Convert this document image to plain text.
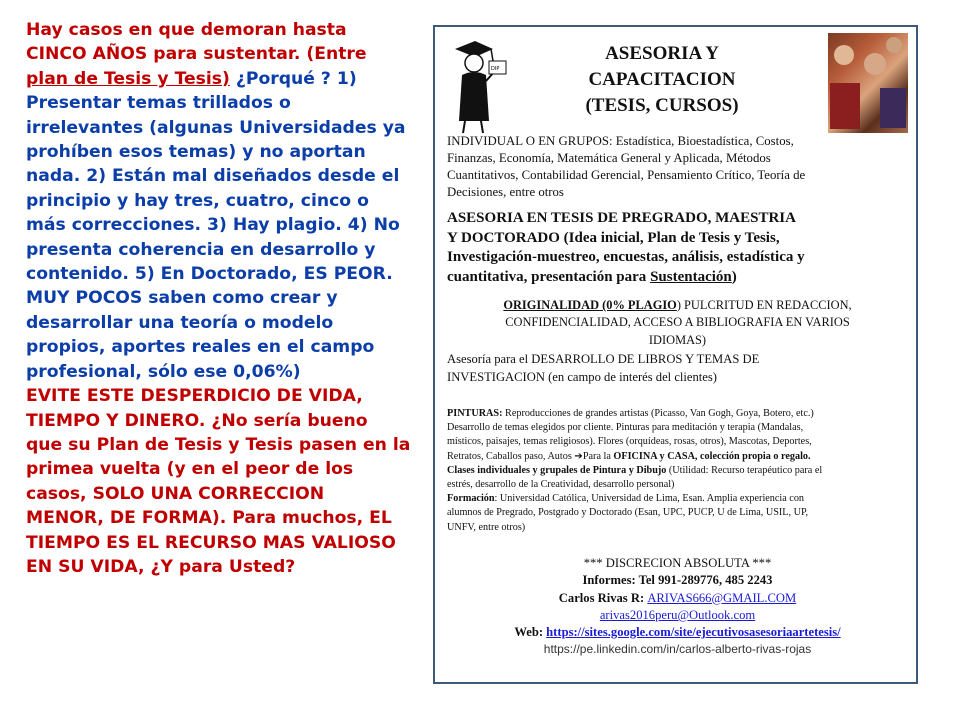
Hay casos en que demoran hasta

CINCO AÑOS para sustentar. (Entre

plan de Tesis y Tesis) ¿Porqué ? 1)

Presentar temas trillados o

irrelevantes (algunas Universidades ya

prohíben esos temas) y no aportan

nada. 2) Están mal diseñados desde el

principio y hay tres, cuatro, cinco o

más correcciones. 3) Hay plagio. 4) No

presenta coherencia en desarrollo y

contenido. 5) En Doctorado, ES PEOR.

MUY POCOS saben como crear y

desarrollar una teoría o modelo

propios, aportes reales en el campo

profesional, sólo ese 0,06%)

EVITE ESTE DESPERDICIO DE VIDA,

TIEMPO Y DINERO. ¿No sería bueno

que su Plan de Tesis y Tesis pasen en la

primea vuelta (y en el peor de los

casos, SOLO UNA CORRECCION

MENOR, DE FORMA). Para muchos, EL

TIEMPO ES EL RECURSO MAS VALIOSO

EN SU VIDA, ¿Y para Usted?

DIP
ASESORIA Y
CAPACITACION
(TESIS, CURSOS)

INDIVIDUAL O EN GRUPOS: Estadística, Bioestadística, Costos,

Finanzas, Economía, Matemática General y Aplicada, Métodos

Cuantitativos, Contabilidad Gerencial, Pensamiento Crítico, Teoría de

Decisiones, entre otros

ASESORIA EN TESIS DE PREGRADO, MAESTRIA

Y DOCTORADO (Idea inicial, Plan de Tesis y Tesis,

Investigación-muestreo, encuestas, análisis, estadística y

cuantitativa, presentación para Sustentación)

ORIGINALIDAD (0% PLAGIO) PULCRITUD EN REDACCION,

CONFIDENCIALIDAD, ACCESO A BIBLIOGRAFIA EN VARIOS

IDIOMAS)

Asesoría para el DESARROLLO DE LIBROS Y TEMAS DE

INVESTIGACION (en campo de interés del clientes)

PINTURAS: Reproducciones de grandes artistas (Picasso, Van Gogh, Goya, Botero, etc.)

Desarrollo de temas elegidos por cliente. Pinturas para meditación y terapia (Mandalas,

místicos, paisajes, temas religiosos). Flores (orquídeas, rosas, otros), Mascotas, Deportes,

Retratos, Caballos paso, Autos ➔Para la OFICINA y CASA, colección propia o regalo.

Clases individuales y grupales de Pintura y Dibujo (Utilidad: Recurso terapéutico para el

estrés, desarrollo de la Creatividad, desarrollo personal)

Formación: Universidad Católica, Universidad de Lima, Esan. Amplia experiencia con

alumnos de Pregrado, Postgrado y Doctorado (Esan, UPC, PUCP, U de Lima, USIL, UP,

UNFV, entre otros)

*** DISCRECION ABSOLUTA ***

Informes: Tel 991-289776, 485 2243

Carlos Rivas R: ARIVAS666@GMAIL.COM

arivas2016peru@Outlook.com

Web: https://sites.google.com/site/ejecutivosasesoriaartetesis/

https://pe.linkedin.com/in/carlos-alberto-rivas-rojas
